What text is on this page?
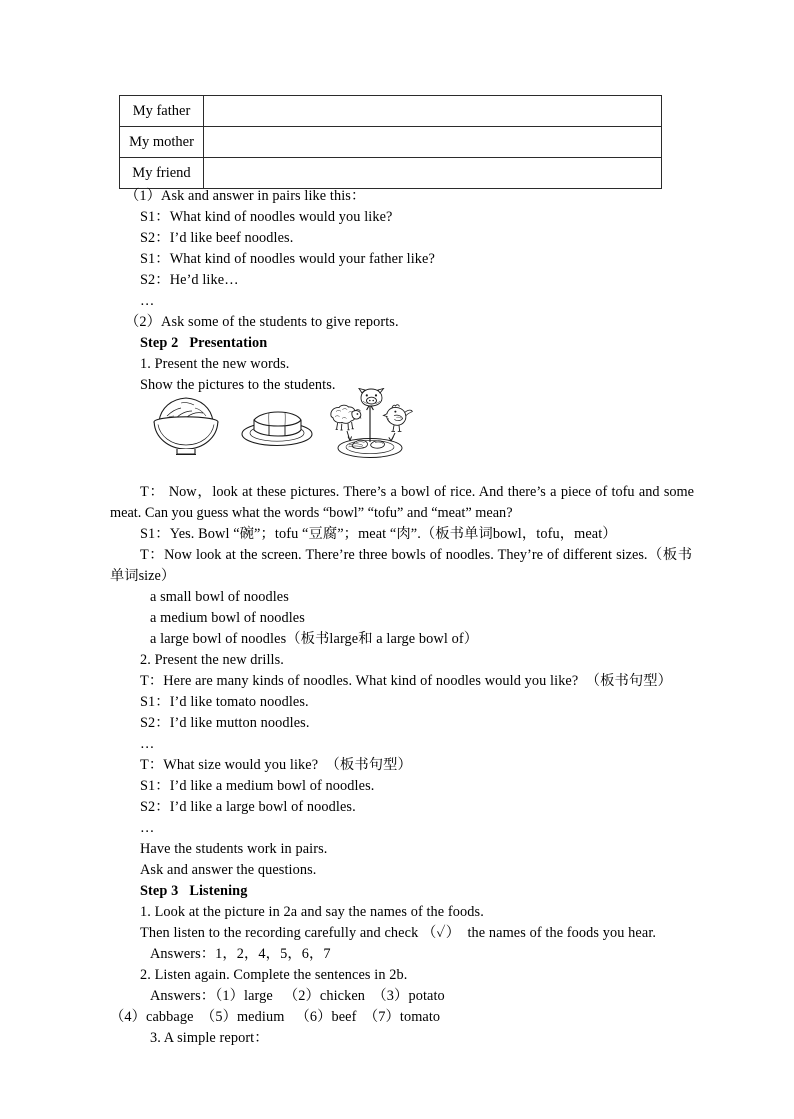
My father	
My mother	
My friend	
（1）Ask and answer in pairs like this：
S1：What kind of noodles would you like?
S2：I’d like beef noodles.
S1：What kind of noodles would your father like?
S2：He’d like…
…
（2）Ask some of the students to give reports.
Step 2   Presentation
1. Present the new words.
Show the pictures to the students.
T： Now，look at these pictures. There’s a bowl of rice. And there’s a piece of tofu and some meat. Can you guess what the words “bowl” “tofu” and “meat” mean?
S1：Yes. Bowl “碗”；tofu “豆腐”；meat “肉”.（板书单词bowl，tofu，meat）
T：Now look at the screen. There’re three bowls of noodles. They’re of different sizes.（板书单词size）
a small bowl of noodles
a medium bowl of noodles
a large bowl of noodles（板书large和 a large bowl of）
2. Present the new drills.
T：Here are many kinds of noodles. What kind of noodles would you like?  （板书句型）
S1：I’d like tomato noodles.
S2：I’d like mutton noodles.
…
T：What size would you like?  （板书句型）
S1：I’d like a medium bowl of noodles.
S2：I’d like a large bowl of noodles.
…
Have the students work in pairs.
Ask and answer the questions.
Step 3   Listening
1. Look at the picture in 2a and say the names of the foods.
Then listen to the recording carefully and check （✓）  the names of the foods you hear.
Answers：1，2，4，5，6，7
2. Listen again. Complete the sentences in 2b.
Answers：（1）large   （2）chicken  （3）potato
（4）cabbage  （5）medium   （6）beef  （7）tomato
3. A simple report：
